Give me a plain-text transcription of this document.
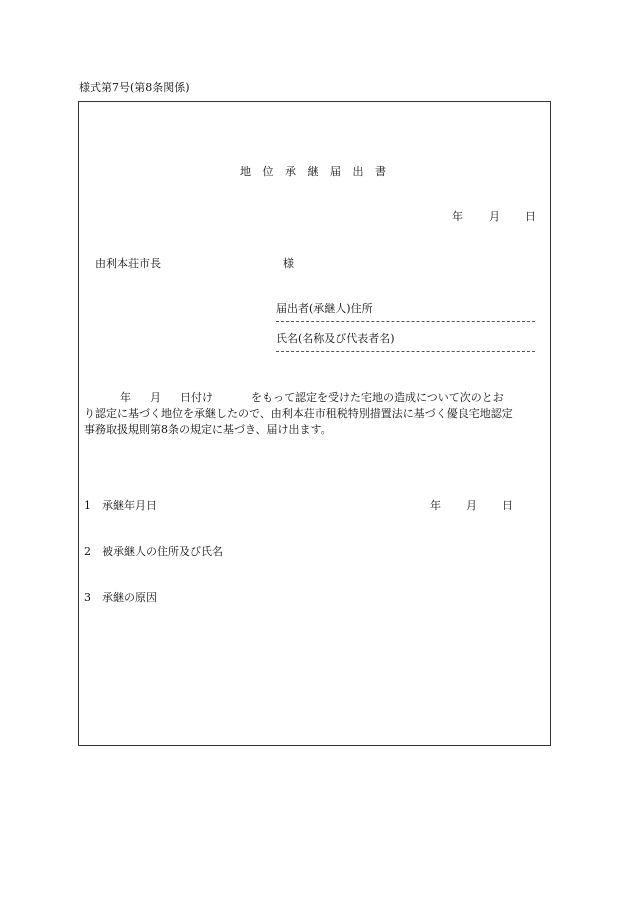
様式第7号(第8条関係)
地 位 承 継 届 出 書
年 月 日
由利本荘市長	様
届出者(承継人)住所
氏名(名称及び代表者名)
年 月 日付け	をもって認定を受けた宅地の造成について次のとお
り認定に基づく地位を承継したので、由利本荘市租税特別措置法に基づく優良宅地認定
事務取扱規則第8条の規定に基づき、届け出ます。
1 承継年月日	年 月 日
2 被承継人の住所及び氏名
3 承継の原因
